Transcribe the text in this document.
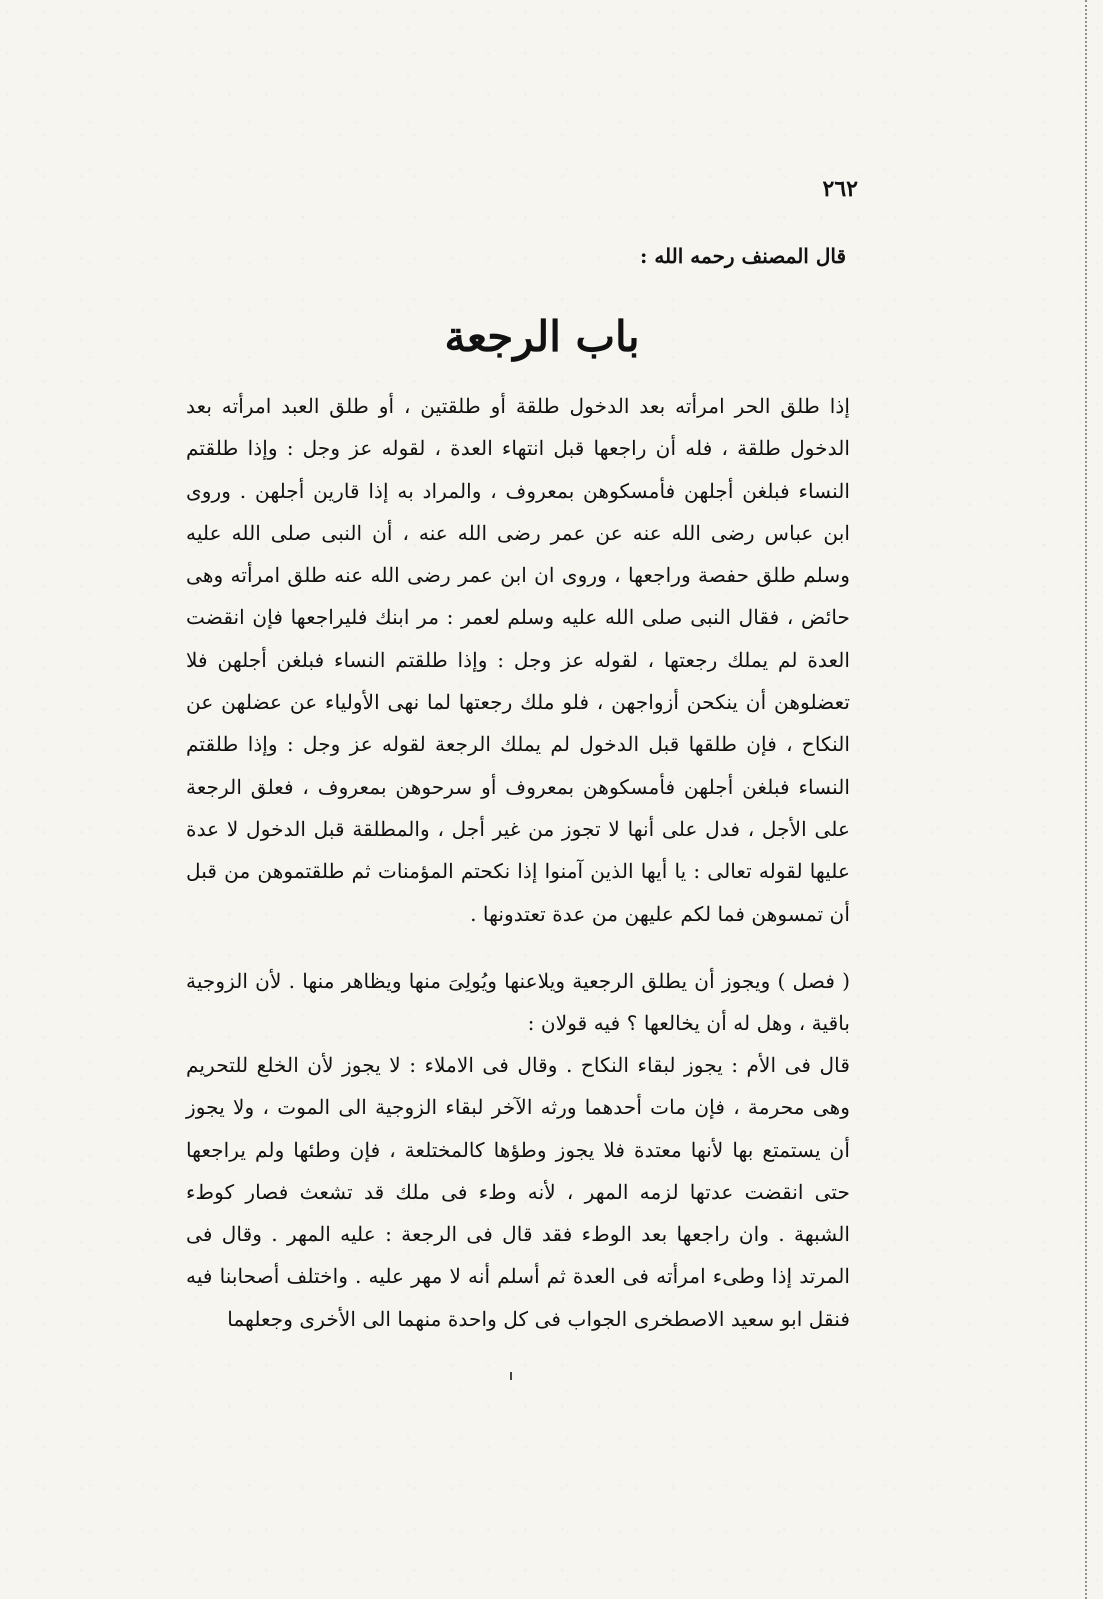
٢٦٢

قال المصنف رحمه الله :

باب الرجعة

إذا طلق الحر امرأته بعد الدخول طلقة أو طلقتين ، أو طلق العبد امرأته بعد الدخول طلقة ، فله أن راجعها قبل انتهاء العدة ، لقوله عز وجل : وإذا طلقتم النساء فبلغن أجلهن فأمسكوهن بمعروف ، والمراد به إذا قارين أجلهن . وروى ابن عباس رضى الله عنه عن عمر رضى الله عنه ، أن النبى صلى الله عليه وسلم طلق حفصة وراجعها ، وروى ان ابن عمر رضى الله عنه طلق امرأته وهى حائض ، فقال النبى صلى الله عليه وسلم لعمر : مر ابنك فليراجعها فإن انقضت العدة لم يملك رجعتها ، لقوله عز وجل : وإذا طلقتم النساء فبلغن أجلهن فلا تعضلوهن أن ينكحن أزواجهن ، فلو ملك رجعتها لما نهى الأولياء عن عضلهن عن النكاح ، فإن طلقها قبل الدخول لم يملك الرجعة لقوله عز وجل : وإذا طلقتم النساء فبلغن أجلهن فأمسكوهن بمعروف أو سرحوهن بمعروف ، فعلق الرجعة على الأجل ، فدل على أنها لا تجوز من غير أجل ، والمطلقة قبل الدخول لا عدة عليها لقوله تعالى : يا أيها الذين آمنوا إذا نكحتم المؤمنات ثم طلقتموهن من قبل أن تمسوهن فما لكم عليهن من عدة تعتدونها .

( فصل ) ويجوز أن يطلق الرجعية ويلاعنها ويُولِىَ منها ويظاهر منها . لأن الزوجية باقية ، وهل له أن يخالعها ؟ فيه قولان :

قال فى الأم : يجوز لبقاء النكاح . وقال فى الاملاء : لا يجوز لأن الخلع للتحريم وهى محرمة ، فإن مات أحدهما ورثه الآخر لبقاء الزوجية الى الموت ، ولا يجوز أن يستمتع بها لأنها معتدة فلا يجوز وطؤها كالمختلعة ، فإن وطئها ولم يراجعها حتى انقضت عدتها لزمه المهر ، لأنه وطء فى ملك قد تشعث فصار كوطء الشبهة . وان راجعها بعد الوطء فقد قال فى الرجعة : عليه المهر . وقال فى المرتد إذا وطىء امرأته فى العدة ثم أسلم أنه لا مهر عليه . واختلف أصحابنا فيه فنقل ابو سعيد الاصطخرى الجواب فى كل واحدة منهما الى الأخرى وجعلهما
